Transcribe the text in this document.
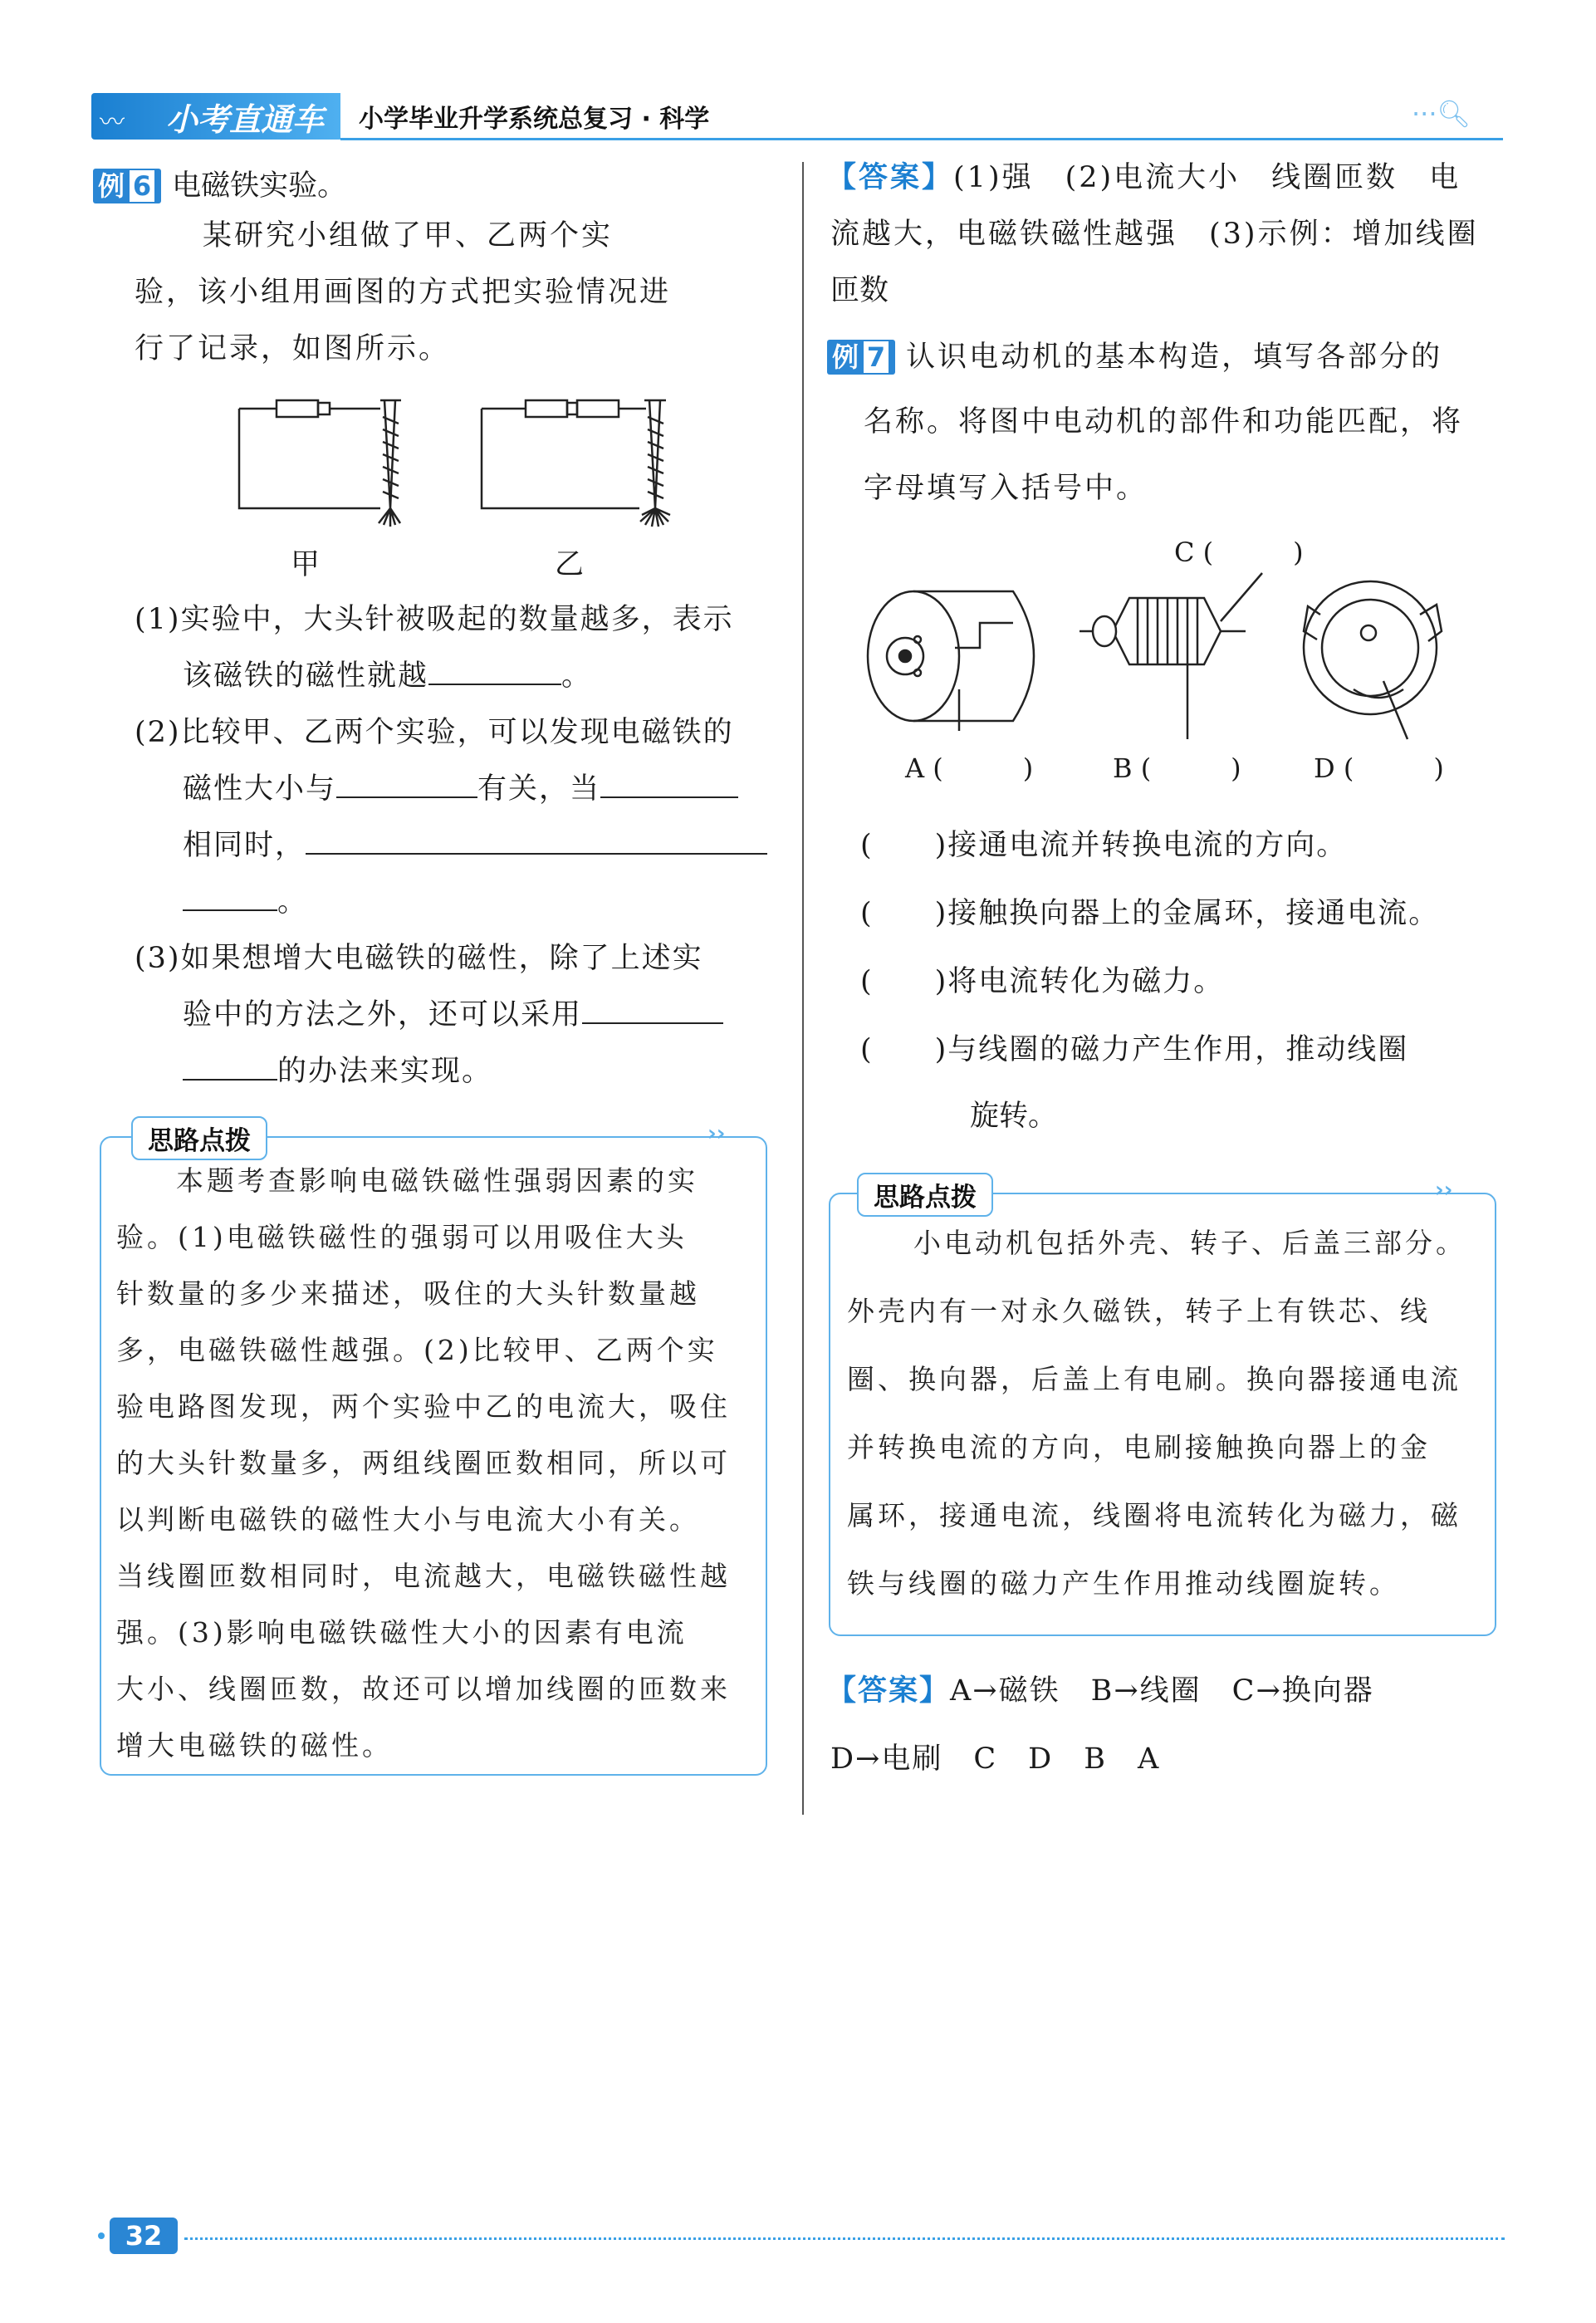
〰 小考直通车 小学毕业升学系统总复习 · 科学	···🔍︎
例 6 电磁铁实验。
某研究小组做了甲、乙两个实
验，该小组用画图的方式把实验情况进
行了记录，如图所示。
甲	乙
(1)实验中，大头针被吸起的数量越多，表示
该磁铁的磁性就越	。
(2)比较甲、乙两个实验，可以发现电磁铁的
磁性大小与	有关，当
相同时，
。
(3)如果想增大电磁铁的磁性，除了上述实
验中的方法之外，还可以采用
的办法来实现。
思路点拨	››
本题考查影响电磁铁磁性强弱因素的实
验。(1)电磁铁磁性的强弱可以用吸住大头
针数量的多少来描述，吸住的大头针数量越
多，电磁铁磁性越强。(2)比较甲、乙两个实
验电路图发现，两个实验中乙的电流大，吸住
的大头针数量多，两组线圈匝数相同，所以可
以判断电磁铁的磁性大小与电流大小有关。
当线圈匝数相同时，电流越大，电磁铁磁性越
强。(3)影响电磁铁磁性大小的因素有电流
大小、线圈匝数，故还可以增加线圈的匝数来
增大电磁铁的磁性。
【答案】(1)强　(2)电流大小　线圈匝数　电
流越大，电磁铁磁性越强　(3)示例：增加线圈
匝数
例 7 认识电动机的基本构造，填写各部分的
名称。将图中电动机的部件和功能匹配，将
字母填写入括号中。
C (　　　)
A (　　　)	B (　　　)	D (　　　)
(　　)接通电流并转换电流的方向。
(　　)接触换向器上的金属环，接通电流。
(　　)将电流转化为磁力。
(　　)与线圈的磁力产生作用，推动线圈
旋转。
思路点拨	››
小电动机包括外壳、转子、后盖三部分。
外壳内有一对永久磁铁，转子上有铁芯、线
圈、换向器，后盖上有电刷。换向器接通电流
并转换电流的方向，电刷接触换向器上的金
属环，接通电流，线圈将电流转化为磁力，磁
铁与线圈的磁力产生作用推动线圈旋转。
【答案】A→磁铁　B→线圈　C→换向器
D→电刷　C　D　B　A
32
